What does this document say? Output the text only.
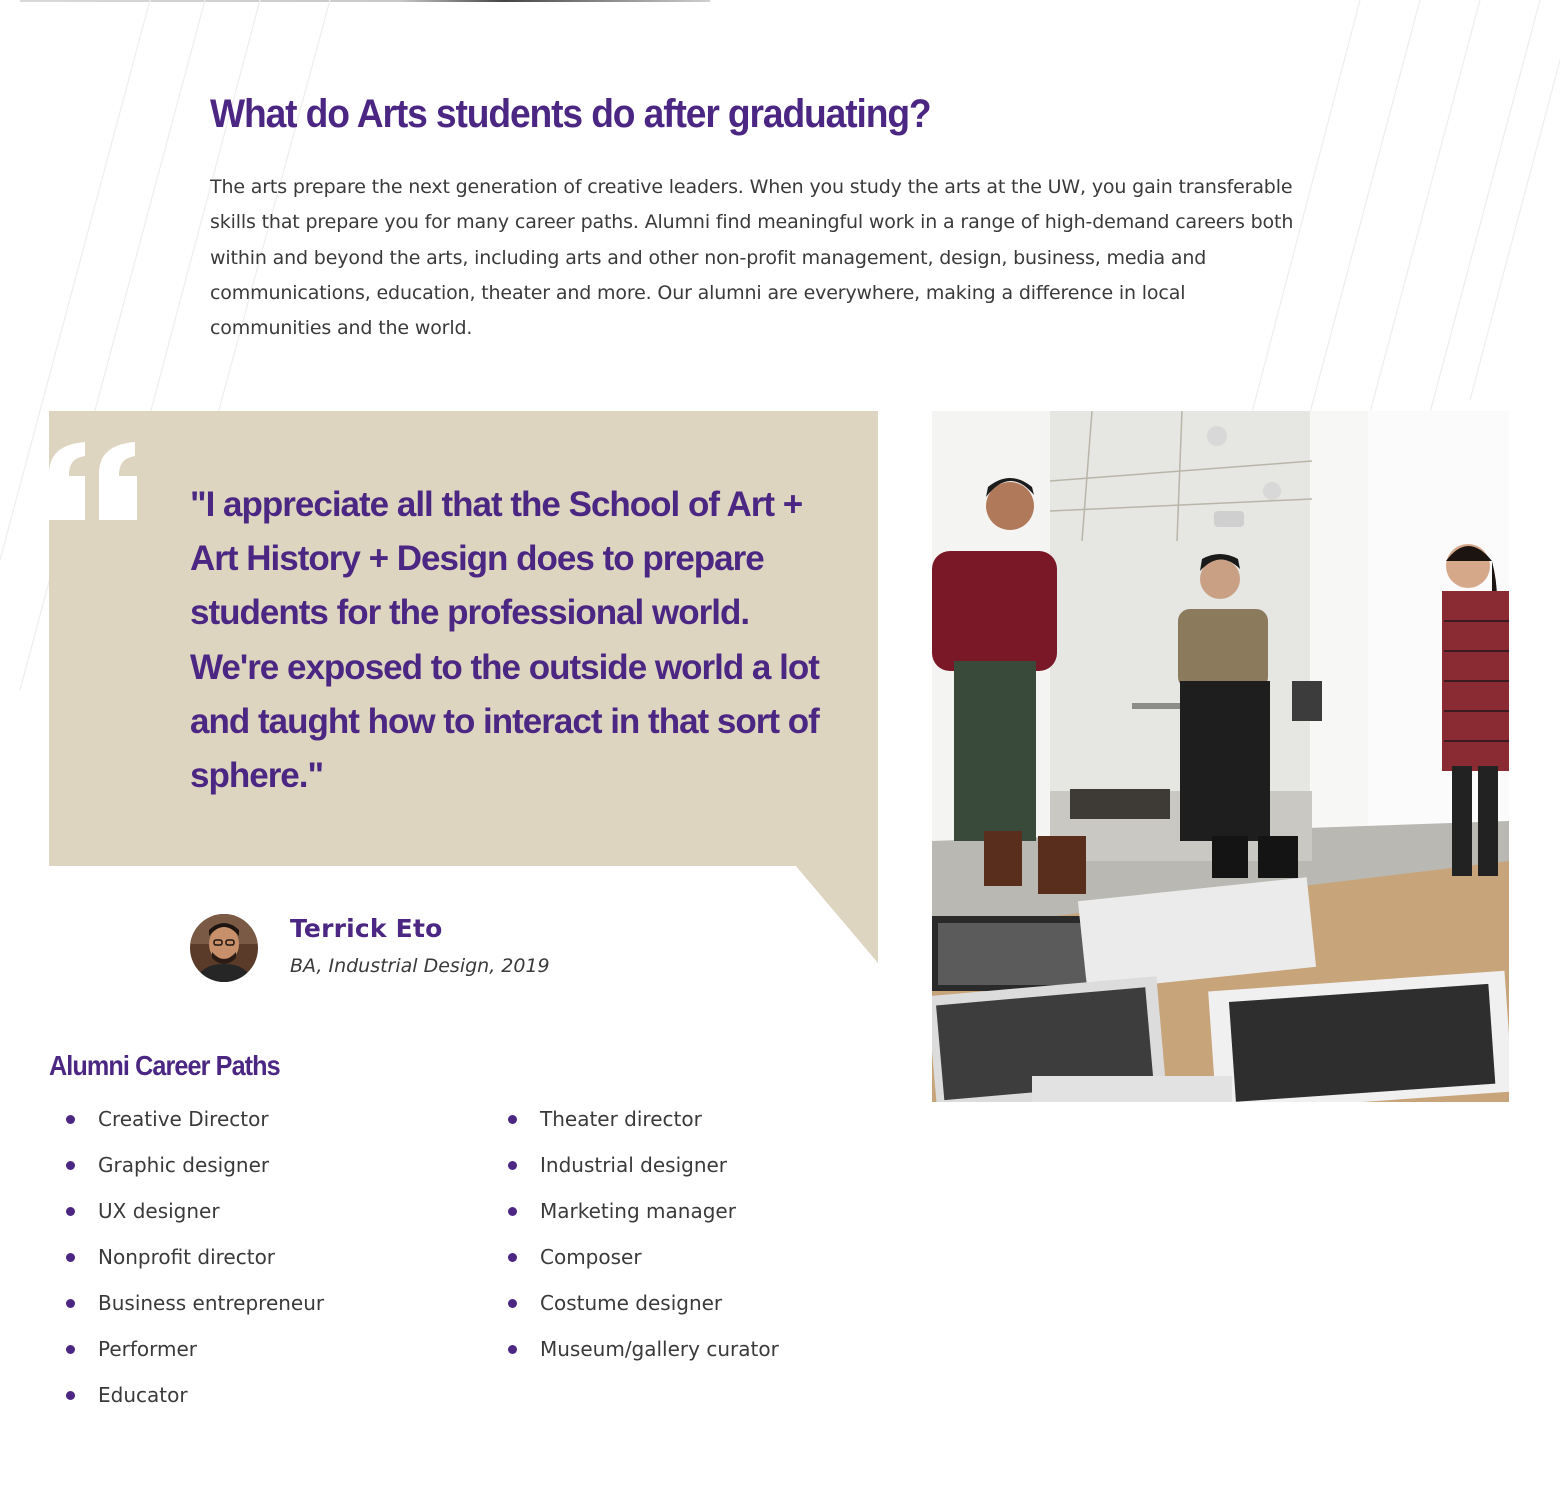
What do Arts students do after graduating?

The arts prepare the next generation of creative leaders. When you study the arts at the UW, you gain transferable skills that prepare you for many career paths. Alumni find meaningful work in a range of high-demand careers both within and beyond the arts, including arts and other non-profit management, design, business, media and communications, education, theater and more. Our alumni are everywhere, making a difference in local communities and the world.

"I appreciate all that the School of Art + Art History + Design does to prepare students for the professional world. We're exposed to the outside world a lot and taught how to interact in that sort of sphere."

Terrick Eto

BA, Industrial Design, 2019

Alumni Career Paths
Creative Director
Graphic designer
UX designer
Nonprofit director
Business entrepreneur
Performer
Educator
Theater director
Industrial designer
Marketing manager
Composer
Costume designer
Museum/gallery curator
